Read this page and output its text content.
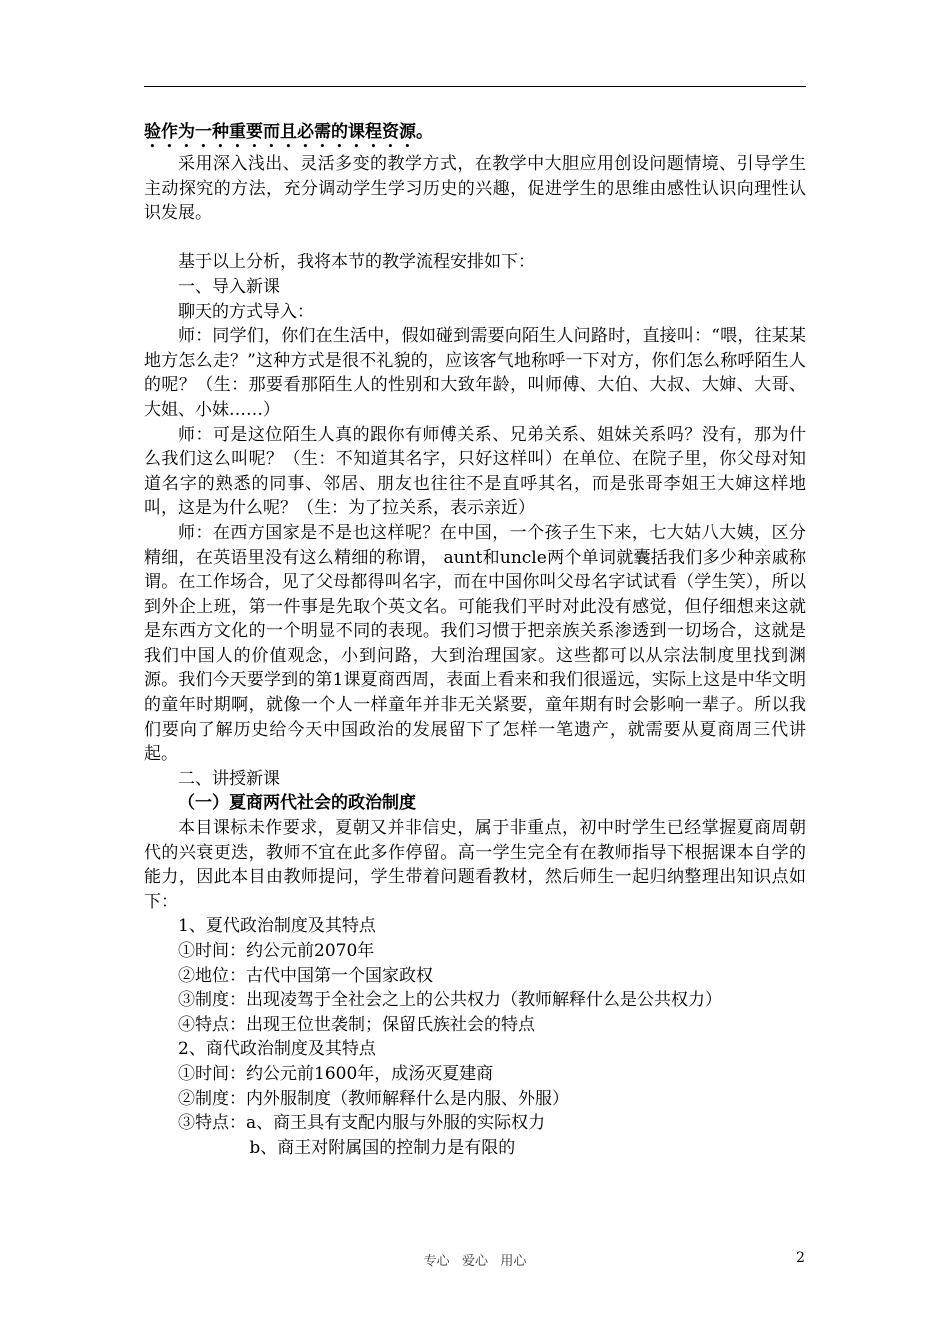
验作为一种重要而且必需的课程资源。

采用深入浅出、灵活多变的教学方式，在教学中大胆应用创设问题情境、引导学生主动探究的方法，充分调动学生学习历史的兴趣，促进学生的思维由感性认识向理性认识发展。

基于以上分析，我将本节的教学流程安排如下：

一、导入新课

聊天的方式导入：

师：同学们，你们在生活中，假如碰到需要向陌生人问路时，直接叫：“喂，往某某地方怎么走？”这种方式是很不礼貌的，应该客气地称呼一下对方，你们怎么称呼陌生人的呢？（生：那要看那陌生人的性别和大致年龄，叫师傅、大伯、大叔、大婶、大哥、大姐、小妹……）

师：可是这位陌生人真的跟你有师傅关系、兄弟关系、姐妹关系吗？没有，那为什么我们这么叫呢？（生：不知道其名字，只好这样叫）在单位、在院子里，你父母对知道名字的熟悉的同事、邻居、朋友也往往不是直呼其名，而是张哥李姐王大婶这样地叫，这是为什么呢？（生：为了拉关系，表示亲近）

师：在西方国家是不是也这样呢？在中国，一个孩子生下来，七大姑八大姨，区分精细，在英语里没有这么精细的称谓， aunt和uncle两个单词就囊括我们多少种亲戚称谓。在工作场合，见了父母都得叫名字，而在中国你叫父母名字试试看（学生笑），所以到外企上班，第一件事是先取个英文名。可能我们平时对此没有感觉，但仔细想来这就是东西方文化的一个明显不同的表现。我们习惯于把亲族关系渗透到一切场合，这就是我们中国人的价值观念，小到问路，大到治理国家。这些都可以从宗法制度里找到渊源。我们今天要学到的第1课夏商西周，表面上看来和我们很遥远，实际上这是中华文明的童年时期啊，就像一个人一样童年并非无关紧要，童年期有时会影响一辈子。所以我们要向了解历史给今天中国政治的发展留下了怎样一笔遗产，就需要从夏商周三代讲起。

二、讲授新课

（一）夏商两代社会的政治制度

本目课标未作要求，夏朝又并非信史，属于非重点，初中时学生已经掌握夏商周朝代的兴衰更迭，教师不宜在此多作停留。高一学生完全有在教师指导下根据课本自学的能力，因此本目由教师提问，学生带着问题看教材，然后师生一起归纳整理出知识点如下：

1、夏代政治制度及其特点

①时间：约公元前2070年

②地位：古代中国第一个国家政权

③制度：出现凌驾于全社会之上的公共权力（教师解释什么是公共权力）

④特点：出现王位世袭制；保留氏族社会的特点

2、商代政治制度及其特点

①时间：约公元前1600年，成汤灭夏建商

②制度：内外服制度（教师解释什么是内服、外服）

③特点：a、商王具有支配内服与外服的实际权力

b、商王对附属国的控制力是有限的

专心   爱心   用心	2
